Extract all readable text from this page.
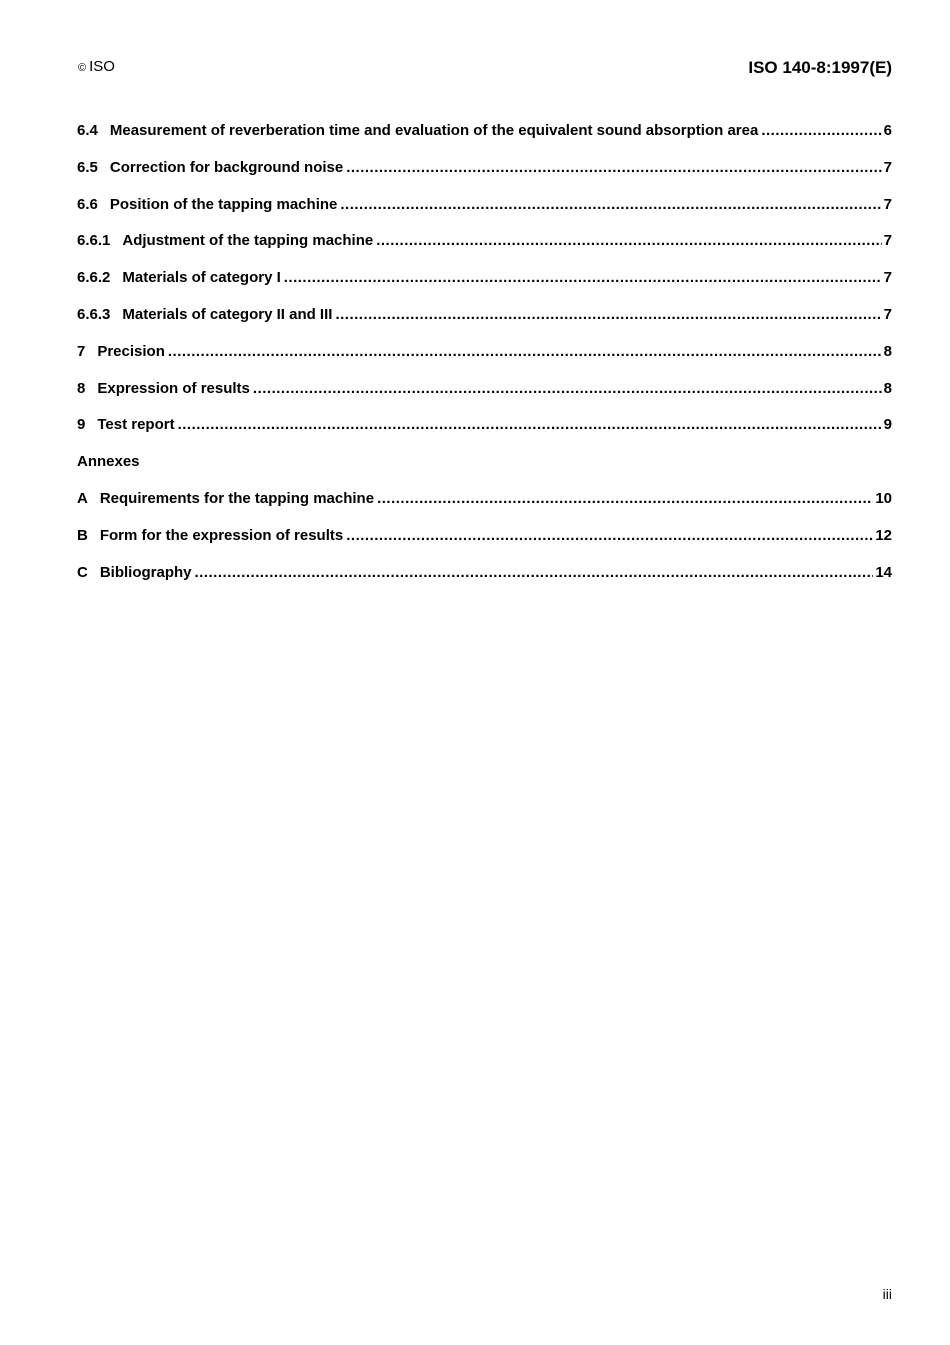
© ISO	ISO 140-8:1997(E)
6.4 Measurement of reverberation time and evaluation of the equivalent sound absorption area .....	6
6.5 Correction for background noise .....	7
6.6 Position of the tapping machine .....	7
6.6.1 Adjustment of the tapping machine .....	7
6.6.2 Materials of category I .....	7
6.6.3 Materials of category II and III .....	7
7 Precision .....	8
8 Expression of results .....	8
9 Test report .....	9
Annexes
A Requirements for the tapping machine .....	10
B Form for the expression of results .....	12
C Bibliography .....	14
iii
